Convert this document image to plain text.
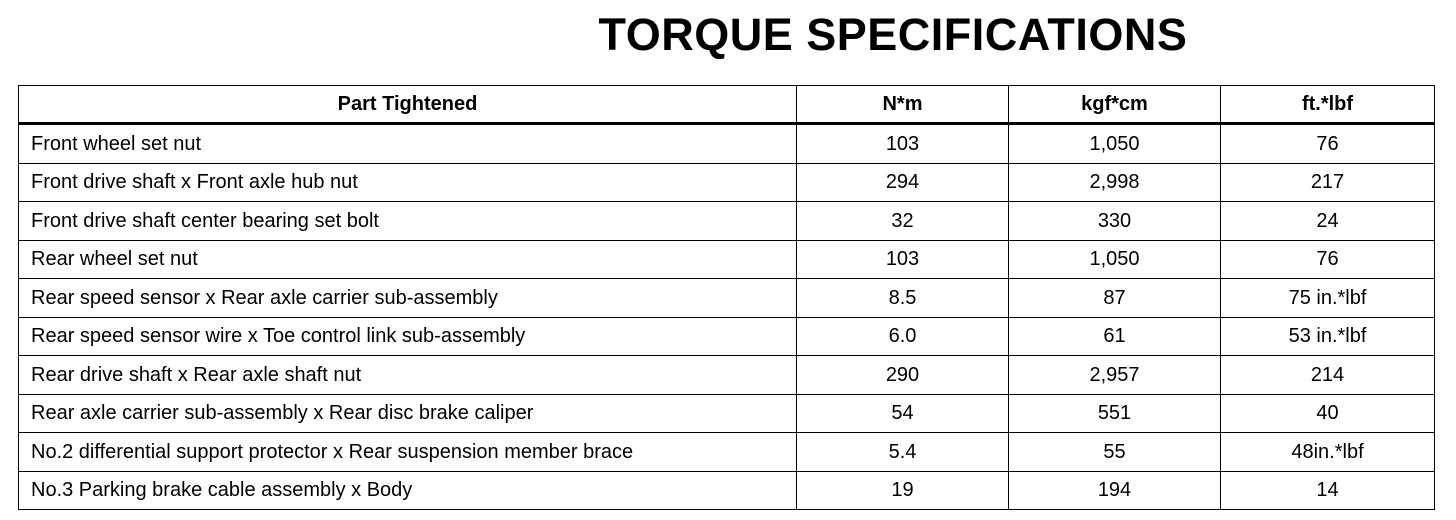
TORQUE SPECIFICATIONS
Part Tightened	N*m	kgf*cm	ft.*lbf
Front wheel set nut	103	1,050	76
Front drive shaft x Front axle hub nut	294	2,998	217
Front drive shaft center bearing set bolt	32	330	24
Rear wheel set nut	103	1,050	76
Rear speed sensor x Rear axle carrier sub-assembly	8.5	87	75 in.*lbf
Rear speed sensor wire x Toe control link sub-assembly	6.0	61	53 in.*lbf
Rear drive shaft x Rear axle shaft nut	290	2,957	214
Rear axle carrier sub-assembly x Rear disc brake caliper	54	551	40
No.2 differential support protector x Rear suspension member brace	5.4	55	48in.*lbf
No.3 Parking brake cable assembly x Body	19	194	14
